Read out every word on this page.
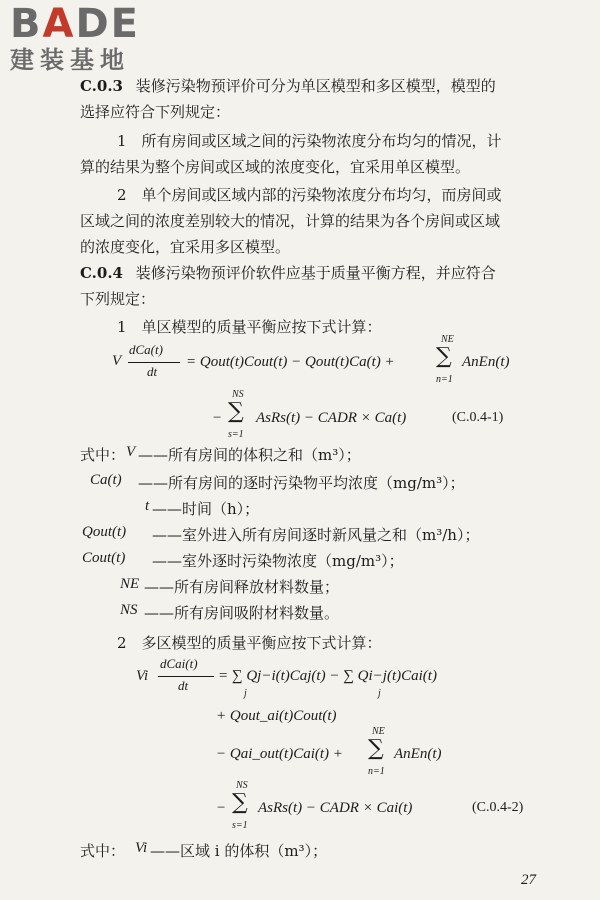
BADE
建装基地
C.0.3 装修污染物预评价可分为单区模型和多区模型，模型的
选择应符合下列规定：
1　所有房间或区域之间的污染物浓度分布均匀的情况，计
算的结果为整个房间或区域的浓度变化，宜采用单区模型。
2　单个房间或区域内部的污染物浓度分布均匀，而房间或
区域之间的浓度差别较大的情况，计算的结果为各个房间或区域
的浓度变化，宜采用多区模型。
C.0.4 装修污染物预评价软件应基于质量平衡方程，并应符合
下列规定：
1　单区模型的质量平衡应按下式计算：
V
dCa(t)
dt
= Qout(t)Cout(t) − Qout(t)Ca(t) +
NE
∑
n=1
AnEn(t)
−
NS
∑
s=1
AsRs(t) − CADR × Ca(t)	(C.0.4-1)
式中： V ——所有房间的体积之和（m³）；
Ca(t) ——所有房间的逐时污染物平均浓度（mg/m³）；
t ——时间（h）；
Qout(t) ——室外进入所有房间逐时新风量之和（m³/h）；
Cout(t) ——室外逐时污染物浓度（mg/m³）；
NE ——所有房间释放材料数量；
NS ——所有房间吸附材料数量。
2　多区模型的质量平衡应按下式计算：
Vi
dCai(t)
dt
= ∑ Qj−i(t)Caj(t) − ∑ Qi−j(t)Cai(t)
j	j
+ Qout_ai(t)Cout(t)
− Qai_out(t)Cai(t) +
NE
∑
n=1
AnEn(t)
−
NS
∑
s=1
AsRs(t) − CADR × Cai(t)	(C.0.4-2)
式中： Vi ——区域 i 的体积（m³）；
27
